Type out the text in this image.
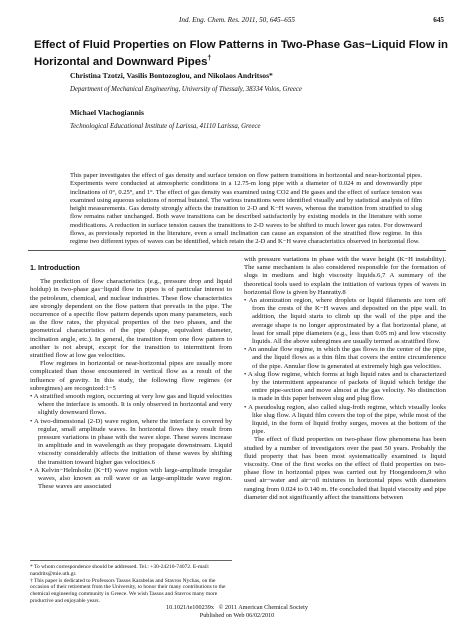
Ind. Eng. Chem. Res. 2011, 50, 645–655	645
Effect of Fluid Properties on Flow Patterns in Two-Phase Gas−Liquid Flow in Horizontal and Downward Pipes†
Christina Tzotzi, Vasilis Bontozoglou, and Nikolaos Andritsos*
Department of Mechanical Engineering, University of Thessaly, 38334 Volos, Greece
Michael Vlachogiannis
Technological Educational Institute of Larissa, 41110 Larissa, Greece

This paper investigates the effect of gas density and surface tension on flow pattern transitions in horizontal and near-horizontal pipes. Experiments were conducted at atmospheric conditions in a 12.75-m long pipe with a diameter of 0.024 m and downwardly pipe inclinations of 0°, 0.25°, and 1°. The effect of gas density was examined using CO2 and He gases and the effect of surface tension was examined using aqueous solutions of normal butanol. The various transitions were identified visually and by statistical analysis of film height measurements. Gas density strongly affects the transition to 2-D and K−H waves, whereas the transition from stratified to slug flow remains rather unchanged. Both wave transitions can be described satisfactorily by existing models in the literature with some modifications. A reduction in surface tension causes the transitions to 2-D waves to be shifted to much lower gas rates. For downward flows, as previously reported in the literature, even a small inclination can cause an expansion of the stratified flow regime. In this regime two different types of waves can be identified, which retain the 2-D and K−H wave characteristics observed in horizontal flow.

1. Introduction

The prediction of flow characteristics (e.g., pressure drop and liquid holdup) in two-phase gas−liquid flow in pipes is of particular interest to the petroleum, chemical, and nuclear industries. These flow characteristics are strongly dependent on the flow pattern that prevails in the pipe. The occurrence of a specific flow pattern depends upon many parameters, such as the flow rates, the physical properties of the two phases, and the geometrical characteristics of the pipe (shape, equivalent diameter, inclination angle, etc.). In general, the transition from one flow pattern to another is not abrupt, except for the transition to intermittent from stratified flow at low gas velocities.

Flow regimes in horizontal or near-horizontal pipes are usually more complicated than those encountered in vertical flow as a result of the influence of gravity. In this study, the following flow regimes (or subregimes) are recognized:1−5

• A stratified smooth region, occurring at very low gas and liquid velocities where the interface is smooth. It is only observed in horizontal and very slightly downward flows.

• A two-dimensional (2-D) wave region, where the interface is covered by regular, small amplitude waves. In horizontal flows they result from pressure variations in phase with the wave slope. These waves increase in amplitude and in wavelength as they propagate downstream. Liquid viscosity considerably affects the initiation of these waves by shifting the transition toward higher gas velocities.6

• A Kelvin−Helmholtz (K−H) wave region with large-amplitude irregular waves, also known as roll wave or as large-amplitude wave region. These waves are associated

with pressure variations in phase with the wave height (K−H instability). The same mechanism is also considered responsible for the formation of slugs in medium and high viscosity liquids.6,7 A summary of the theoretical tools used to explain the initiation of various types of waves in horizontal flow is given by Hanratty.8

• An atomization region, where droplets or liquid filaments are torn off from the crests of the K−H waves and deposited on the pipe wall. In addition, the liquid starts to climb up the wall of the pipe and the average shape is no longer approximated by a flat horizontal plane, at least for small pipe diameters (e.g., less than 0.05 m) and low viscosity liquids. All the above subregimes are usually termed as stratified flow.

• An annular flow regime, in which the gas flows in the center of the pipe, and the liquid flows as a thin film that covers the entire circumference of the pipe. Annular flow is generated at extremely high gas velocities.

• A slug flow regime, which forms at high liquid rates and is characterized by the intermittent appearance of packets of liquid which bridge the entire pipe-section and move almost at the gas velocity. No distinction is made in this paper between slug and plug flow.

• A pseudoslug region, also called slug-froth regime, which visually looks like slug flow. A liquid film covers the top of the pipe, while most of the liquid, in the form of liquid frothy surges, moves at the bottom of the pipe.

The effect of fluid properties on two-phase flow phenomena has been studied by a number of investigators over the past 50 years. Probably the fluid property that has been most systematically examined is liquid viscosity. One of the first works on the effect of fluid properties on two-phase flow in horizontal pipes was carried out by Hoogendoorn,9 who used air−water and air−oil mixtures in horizontal pipes with diameters ranging from 0.024 to 0.140 m. He concluded that liquid viscosity and pipe diameter did not significantly affect the transitions between

* To whom correspondence should be addressed. Tel.: +30-24210-74072. E-mail: nandrits@mie.uth.gr.

† This paper is dedicated to Professors Tassos Karabelas and Stavros Nychas, on the occasion of their retirement from the University, to honor their many contributions to the chemical engineering community in Greece. We wish Tassos and Stavros many more productive and enjoyable years.

10.1021/ie100239x © 2011 American Chemical Society
Published on Web 06/02/2010
